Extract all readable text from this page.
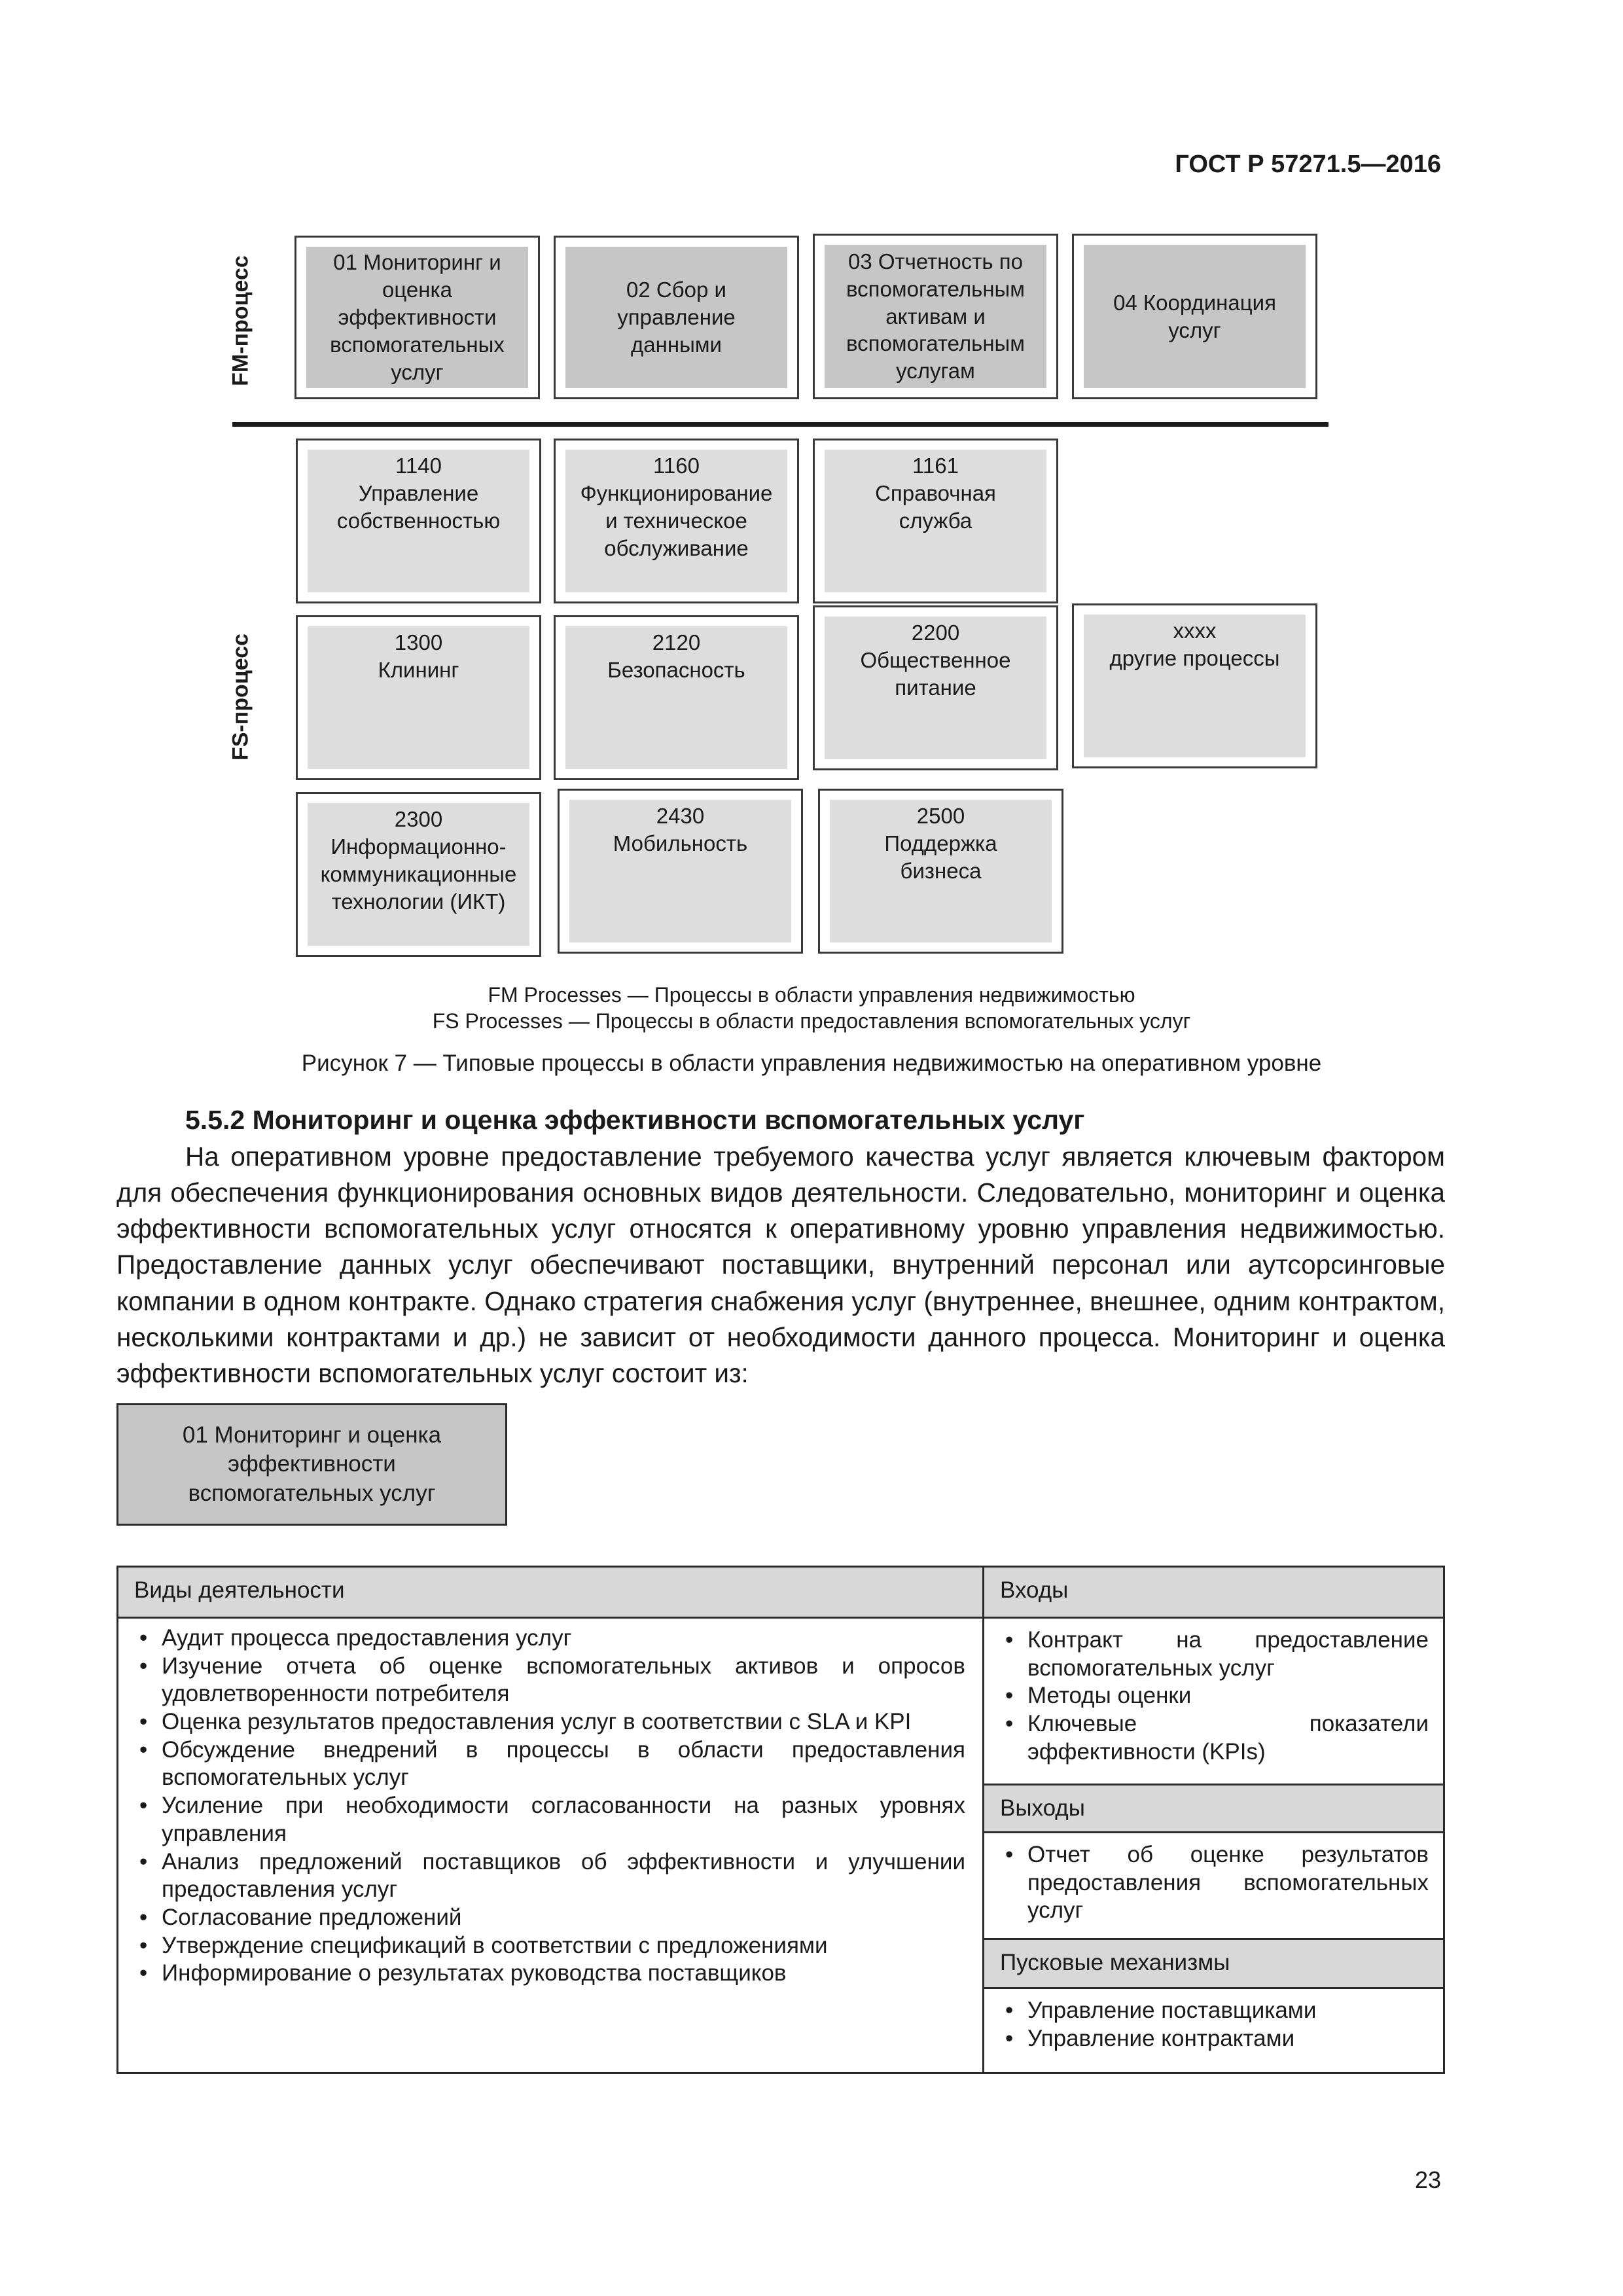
ГОСТ Р 57271.5—2016
FM-процесс
FS-процесс
01 Мониторинг и
оценка
эффективности
вспомогательных
услуг
02 Сбор и
управление
данными
03 Отчетность по
вспомогательным
активам и
вспомогательным
услугам
04 Координация
услуг
1140
Управление
собственностью
1160
Функционирование
и техническое
обслуживание
1161
Справочная
служба
1300
Клининг
2120
Безопасность
2200
Общественное
питание
xxxx
другие процессы
2300
Информационно-
коммуникационные
технологии (ИКТ)
2430
Мобильность
2500
Поддержка
бизнеса
FM Processes — Процессы в области управления недвижимостью
FS Processes — Процессы в области предоставления вспомогательных услуг
Рисунок 7 — Типовые процессы в области управления недвижимостью на оперативном уровне
5.5.2 Мониторинг и оценка эффективности вспомогательных услуг
На оперативном уровне предоставление требуемого качества услуг является ключевым фактором для обеспечения функционирования основных видов деятельности. Следовательно, мониторинг и оценка эффективности вспомогательных услуг относятся к оперативному уровню управления недвижимостью. Предоставление данных услуг обеспечивают поставщики, внутренний персонал или аутсорсинговые компании в одном контракте. Однако стратегия снабжения услуг (внутреннее, внешнее, одним контрактом, несколькими контрактами и др.) не зависит от необходимости данного процесса. Мониторинг и оценка эффективности вспомогательных услуг состоит из:
01 Мониторинг и оценка
эффективности
вспомогательных услуг
Виды деятельности
• Аудит процесса предоставления услуг
• Изучение отчета об оценке вспомогательных активов и опросов удовлетворенности потребителя
• Оценка результатов предоставления услуг в соответствии с SLA и KPI
• Обсуждение внедрений в процессы в области предоставления вспомогательных услуг
• Усиление при необходимости согласованности на разных уровнях управления
• Анализ предложений поставщиков об эффективности и улучшении предоставления услуг
• Согласование предложений
• Утверждение спецификаций в соответствии с предложениями
• Информирование о результатах руководства поставщиков
Входы
• Контракт на предоставление вспомогательных услуг
• Методы оценки
• Ключевые показатели эффективности (KPIs)
Выходы
• Отчет об оценке результатов предоставления вспомогательных услуг
Пусковые механизмы
• Управление поставщиками
• Управление контрактами
23
